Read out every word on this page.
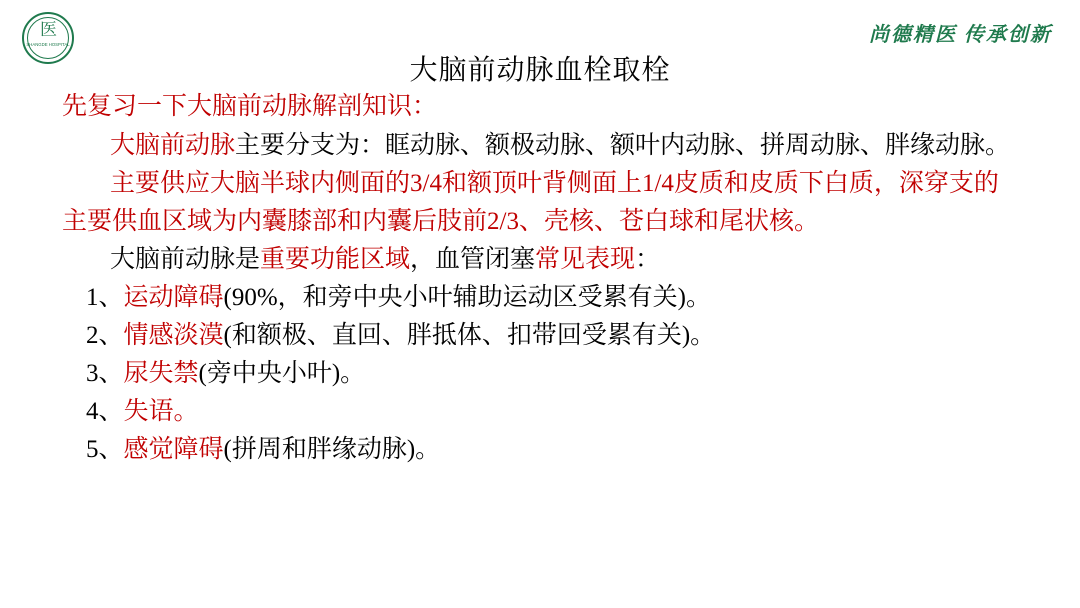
医
SHANGDE HOSPITAL	尚德精医 传承创新
大脑前动脉血栓取栓
先复习一下大脑前动脉解剖知识：
大脑前动脉主要分支为：眶动脉、额极动脉、额叶内动脉、拼周动脉、胖缘动脉。
主要供应大脑半球内侧面的3/4和额顶叶背侧面上1/4皮质和皮质下白质，深穿支的主要供血区域为内囊膝部和内囊后肢前2/3、壳核、苍白球和尾状核。
大脑前动脉是重要功能区域，血管闭塞常见表现：
1、运动障碍(90%，和旁中央小叶辅助运动区受累有关)。
2、情感淡漠(和额极、直回、胖抵体、扣带回受累有关)。
3、尿失禁(旁中央小叶)。
4、失语。
5、感觉障碍(拼周和胖缘动脉)。
